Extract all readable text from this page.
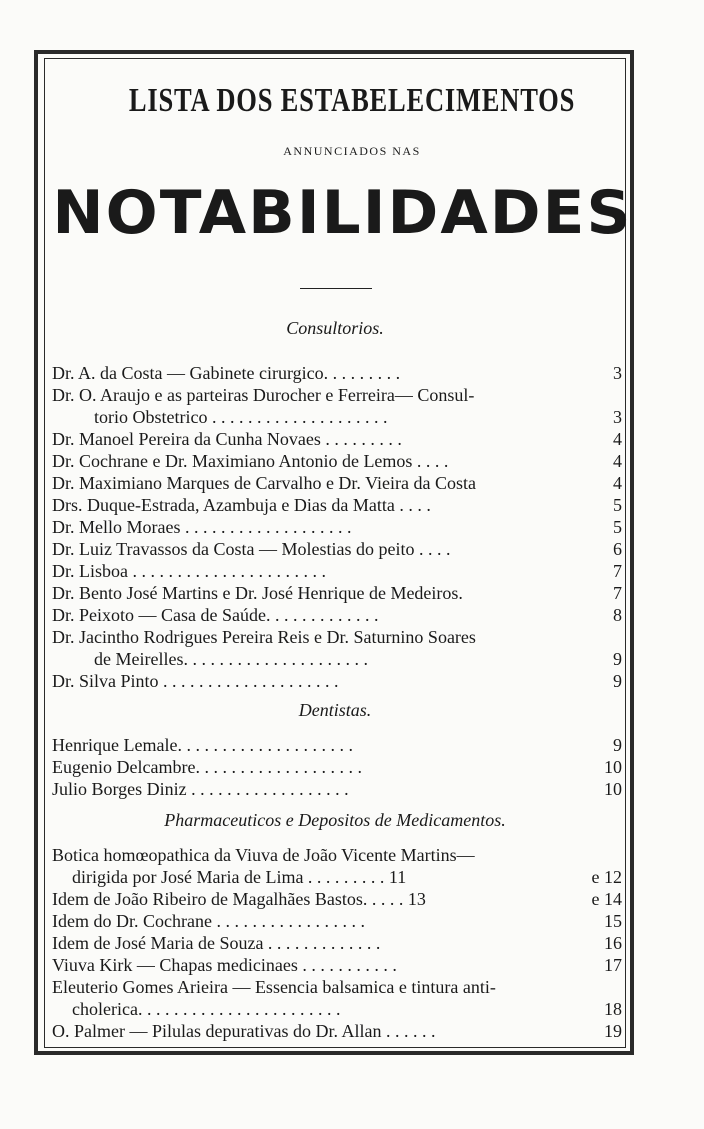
LISTA DOS ESTABELECIMENTOS
ANNUNCIADOS NAS
NOTABILIDADES
Consultorios.
Dr. A. da Costa — Gabinete cirurgico. . . . . . . . .	3
Dr. O. Araujo e as parteiras Durocher e Ferreira— Consul-
torio Obstetrico . . . . . . . . . . . . . . . . . . . .	3
Dr. Manoel Pereira da Cunha Novaes . . . . . . . . .	4
Dr. Cochrane e Dr. Maximiano Antonio de Lemos . . . .	4
Dr. Maximiano Marques de Carvalho e Dr. Vieira da Costa	4
Drs. Duque-Estrada, Azambuja e Dias da Matta . . . .	5
Dr. Mello Moraes . . . . . . . . . . . . . . . . . . .	5
Dr. Luiz Travassos da Costa — Molestias do peito . . . .	6
Dr. Lisboa . . . . . . . . . . . . . . . . . . . . . .	7
Dr. Bento José Martins e Dr. José Henrique de Medeiros.	7
Dr. Peixoto — Casa de Saúde. . . . . . . . . . . . .	8
Dr. Jacintho Rodrigues Pereira Reis e Dr. Saturnino Soares
de Meirelles. . . . . . . . . . . . . . . . . . . . .	9
Dr. Silva Pinto . . . . . . . . . . . . . . . . . . . .	9
Dentistas.
Henrique Lemale. . . . . . . . . . . . . . . . . . . .	9
Eugenio Delcambre. . . . . . . . . . . . . . . . . . .	10
Julio Borges Diniz . . . . . . . . . . . . . . . . . .	10
Pharmaceuticos e Depositos de Medicamentos.
Botica homœopathica da Viuva de João Vicente Martins—
dirigida por José Maria de Lima . . . . . . . . . 11	e 12
Idem de João Ribeiro de Magalhães Bastos. . . . . 13	e 14
Idem do Dr. Cochrane . . . . . . . . . . . . . . . . .	15
Idem de José Maria de Souza . . . . . . . . . . . . .	16
Viuva Kirk — Chapas medicinaes . . . . . . . . . . .	17
Eleuterio Gomes Arieira — Essencia balsamica e tintura anti-
cholerica. . . . . . . . . . . . . . . . . . . . . . .	18
O. Palmer — Pilulas depurativas do Dr. Allan . . . . . .	19
